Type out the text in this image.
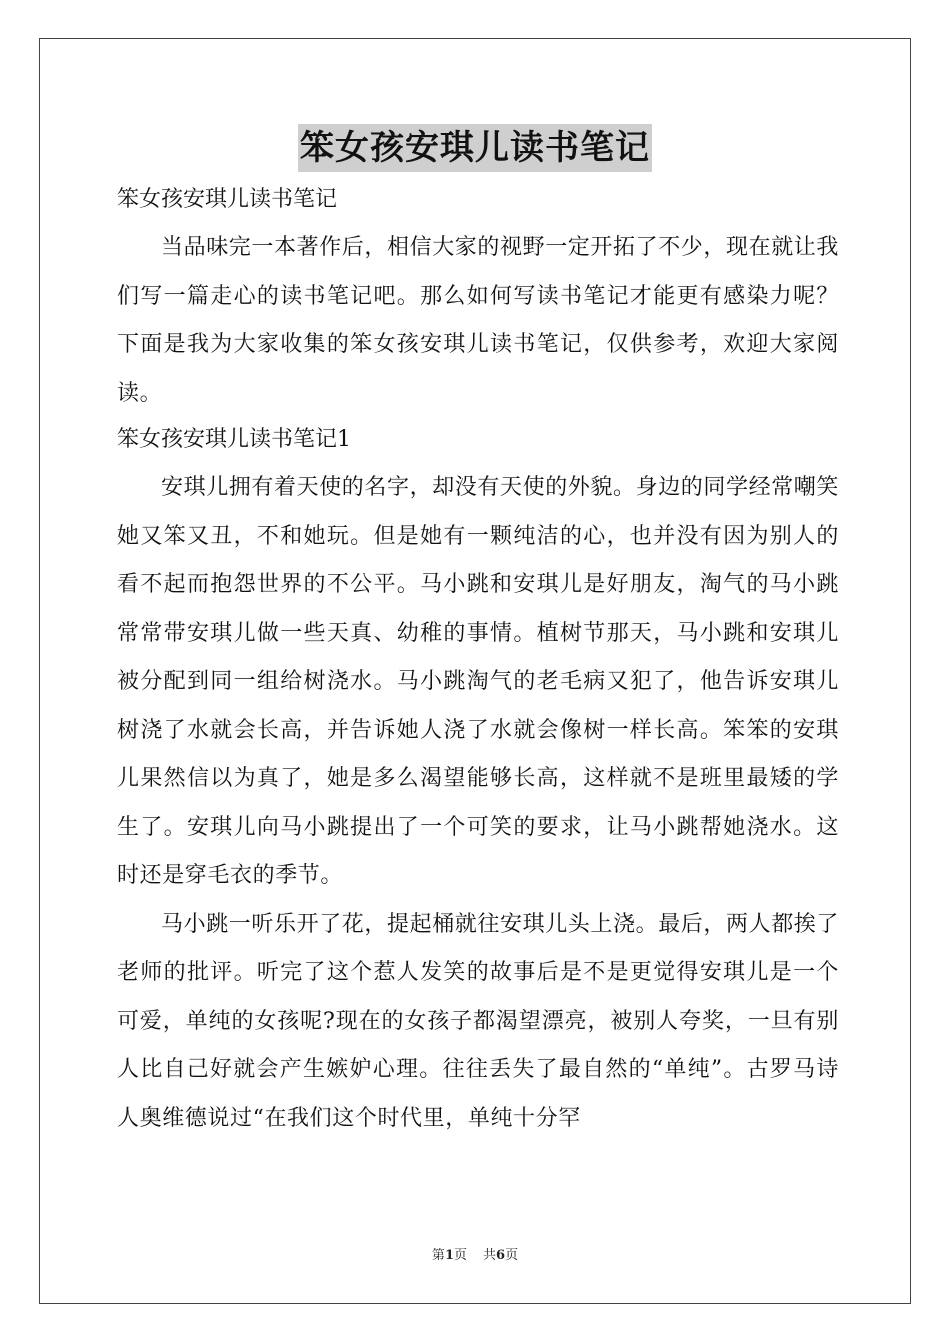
笨女孩安琪儿读书笔记

笨女孩安琪儿读书笔记

当品味完一本著作后，相信大家的视野一定开拓了不少，现在就让我们写一篇走心的读书笔记吧。那么如何写读书笔记才能更有感染力呢？下面是我为大家收集的笨女孩安琪儿读书笔记，仅供参考，欢迎大家阅读。

笨女孩安琪儿读书笔记1

安琪儿拥有着天使的名字，却没有天使的外貌。身边的同学经常嘲笑她又笨又丑，不和她玩。但是她有一颗纯洁的心，也并没有因为别人的看不起而抱怨世界的不公平。马小跳和安琪儿是好朋友，淘气的马小跳常常带安琪儿做一些天真、幼稚的事情。植树节那天，马小跳和安琪儿被分配到同一组给树浇水。马小跳淘气的老毛病又犯了，他告诉安琪儿树浇了水就会长高，并告诉她人浇了水就会像树一样长高。笨笨的安琪儿果然信以为真了，她是多么渴望能够长高，这样就不是班里最矮的学生了。安琪儿向马小跳提出了一个可笑的要求，让马小跳帮她浇水。这时还是穿毛衣的季节。

马小跳一听乐开了花，提起桶就往安琪儿头上浇。最后，两人都挨了老师的批评。听完了这个惹人发笑的故事后是不是更觉得安琪儿是一个可爱，单纯的女孩呢?现在的女孩子都渴望漂亮，被别人夸奖，一旦有别人比自己好就会产生嫉妒心理。往往丢失了最自然的“单纯”。古罗马诗人奥维德说过“在我们这个时代里，单纯十分罕

第1页 共6页
